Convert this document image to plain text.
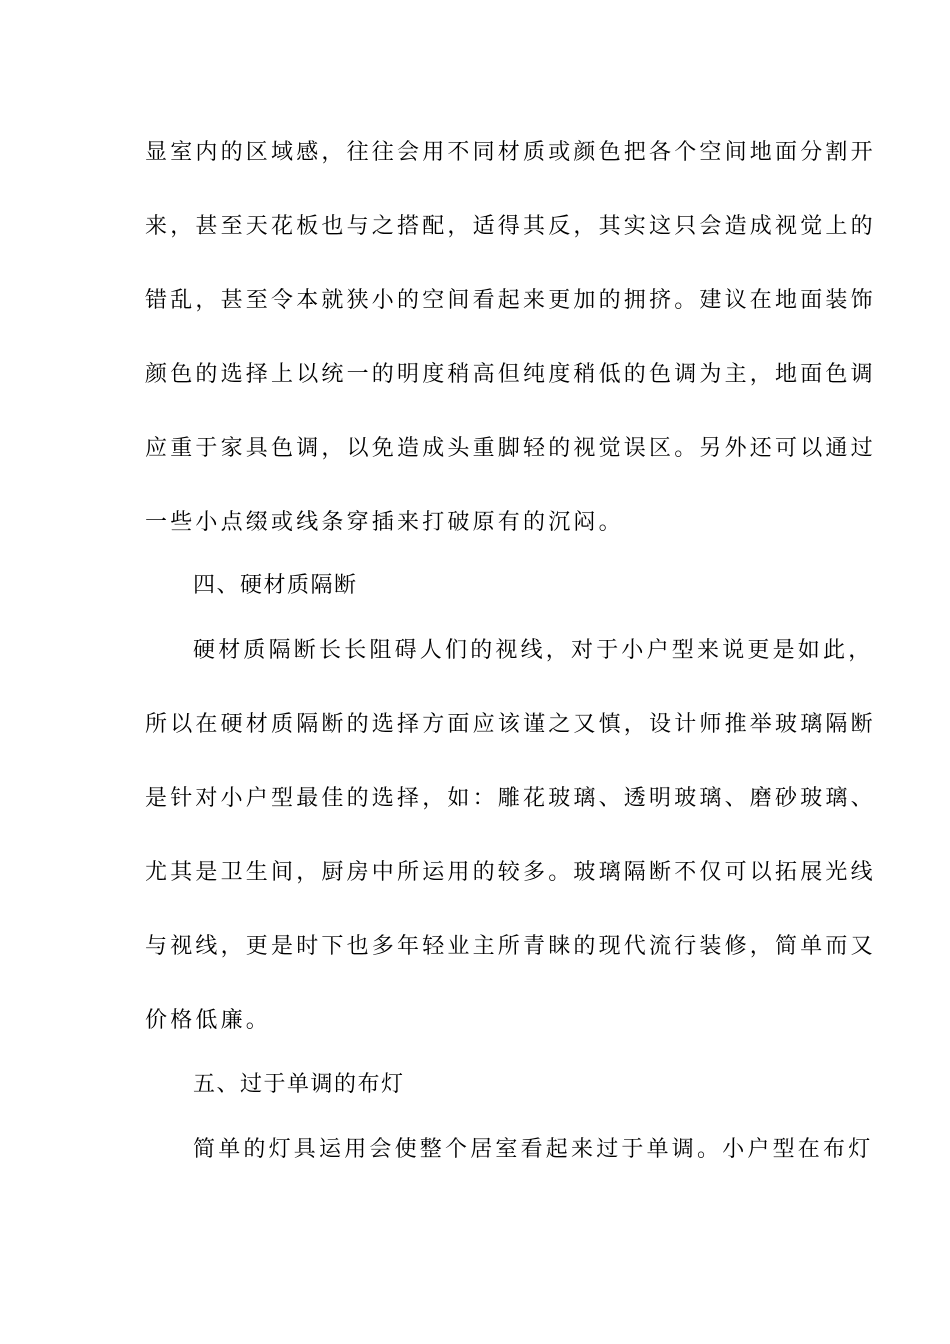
显室内的区域感，往往会用不同材质或颜色把各个空间地面分割开
来，甚至天花板也与之搭配，适得其反，其实这只会造成视觉上的
错乱，甚至令本就狭小的空间看起来更加的拥挤。建议在地面装饰
颜色的选择上以统一的明度稍高但纯度稍低的色调为主，地面色调
应重于家具色调，以免造成头重脚轻的视觉误区。另外还可以通过
一些小点缀或线条穿插来打破原有的沉闷。
四、硬材质隔断
硬材质隔断长长阻碍人们的视线，对于小户型来说更是如此，
所以在硬材质隔断的选择方面应该谨之又慎，设计师推举玻璃隔断
是针对小户型最佳的选择，如：雕花玻璃、透明玻璃、磨砂玻璃、
尤其是卫生间，厨房中所运用的较多。玻璃隔断不仅可以拓展光线
与视线，更是时下也多年轻业主所青睐的现代流行装修，简单而又
价格低廉。
五、过于单调的布灯
简单的灯具运用会使整个居室看起来过于单调。小户型在布灯
